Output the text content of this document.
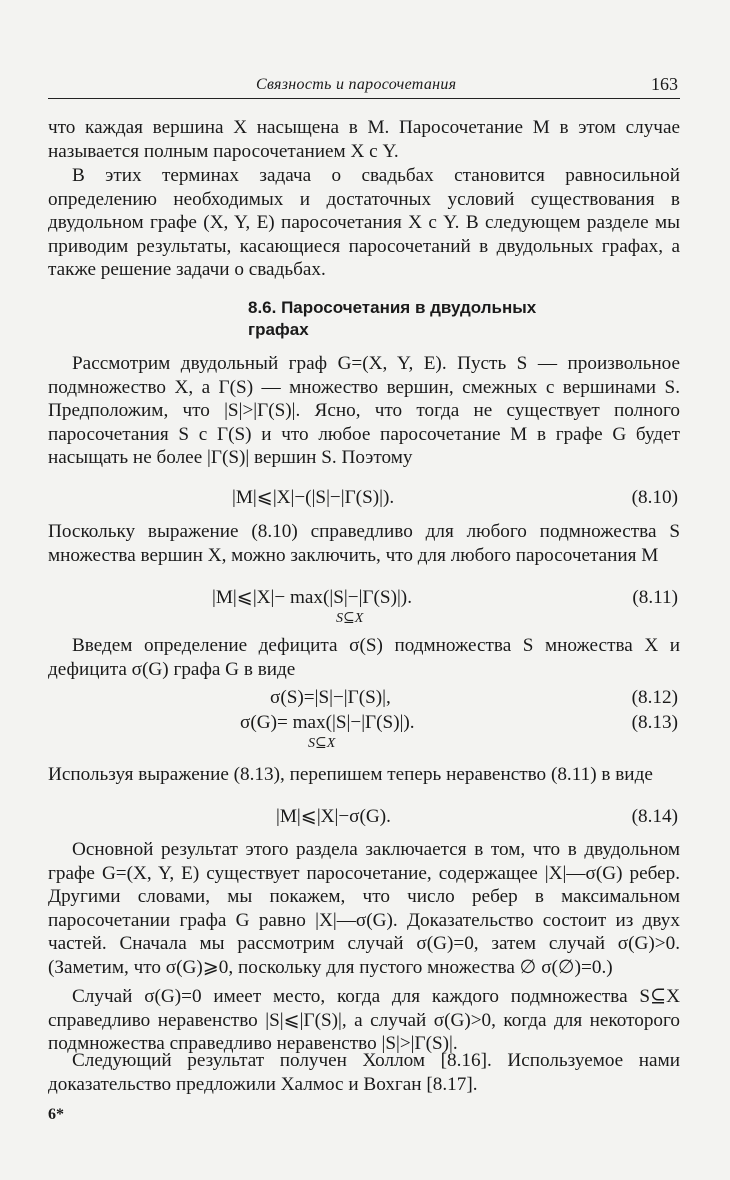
Связность и паросочетания	163

что каждая вершина X насыщена в M. Паросочетание M в этом случае называется полным паросочетанием X с Y.

В этих терминах задача о свадьбах становится равносильной определению необходимых и достаточных условий существования в двудольном графе (X, Y, E) паросочетания X с Y. В следующем разделе мы приводим результаты, касающиеся паросочетаний в двудольных графах, а также решение задачи о свадьбах.

8.6. Паросочетания в двудольных
графах

Рассмотрим двудольный граф G=(X, Y, E). Пусть S — произвольное подмножество X, а Γ(S) — множество вершин, смежных с вершинами S. Предположим, что |S|>|Γ(S)|. Ясно, что тогда не существует полного паросочетания S с Γ(S) и что любое паросочетание M в графе G будет насыщать не более |Γ(S)| вершин S. Поэтому

|M|⩽|X|−(|S|−|Γ(S)|).	(8.10)

Поскольку выражение (8.10) справедливо для любого подмножества S множества вершин X, можно заключить, что для любого паросочетания M

|M|⩽|X|− max(|S|−|Γ(S)|).
S⊆X
(8.11)

Введем определение дефицита σ(S) подмножества S множества X и дефицита σ(G) графа G в виде

σ(S)=|S|−|Γ(S)|,	(8.12)
σ(G)= max(|S|−|Γ(S)|).
S⊆X
(8.13)

Используя выражение (8.13), перепишем теперь неравенство (8.11) в виде

|M|⩽|X|−σ(G).	(8.14)

Основной результат этого раздела заключается в том, что в двудольном графе G=(X, Y, E) существует паросочетание, содержащее |X|—σ(G) ребер. Другими словами, мы покажем, что число ребер в максимальном паросочетании графа G равно |X|—σ(G). Доказательство состоит из двух частей. Сначала мы рассмотрим случай σ(G)=0, затем случай σ(G)>0. (Заметим, что σ(G)⩾0, поскольку для пустого множества ∅ σ(∅)=0.)

Случай σ(G)=0 имеет место, когда для каждого подмножества S⊆X справедливо неравенство |S|⩽|Γ(S)|, а случай σ(G)>0, когда для некоторого подмножества справедливо неравенство |S|>|Γ(S)|.

Следующий результат получен Холлом [8.16]. Используемое нами доказательство предложили Халмос и Вохган [8.17].

6*
